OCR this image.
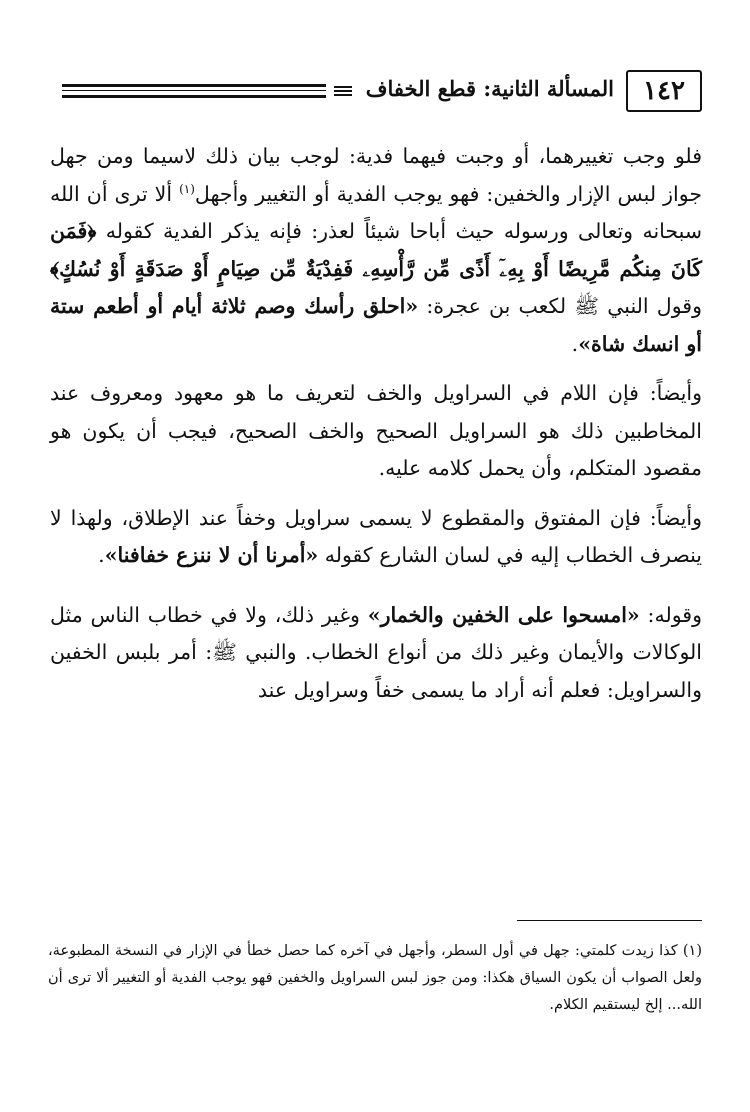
المسألة الثانية: قطع الخفاف	١٤٢

فلو وجب تغييرهما، أو وجبت فيهما فدية: لوجب بيان ذلك لاسيما ومن جهل جواز لبس الإزار والخفين: فهو يوجب الفدية أو التغيير وأجهل$^{(١)}$ ألا ترى أن الله سبحانه وتعالى ورسوله حيث أباحا شيئاً لعذر: فإنه يذكر الفدية كقوله ﴿فَمَن كَانَ مِنكُم مَّرِيضًا أَوْ بِهِۦٓ أَذًى مِّن رَّأْسِهِۦ فَفِدْيَةٌ مِّن صِيَامٍ أَوْ صَدَقَةٍ أَوْ نُسُكٍ﴾ وقول النبي ﷺ لكعب بن عجرة: «احلق رأسك وصم ثلاثة أيام أو أطعم ستة أو انسك شاة».

وأيضاً: فإن اللام في السراويل والخف لتعريف ما هو معهود ومعروف عند المخاطبين ذلك هو السراويل الصحيح والخف الصحيح، فيجب أن يكون هو مقصود المتكلم، وأن يحمل كلامه عليه.

وأيضاً: فإن المفتوق والمقطوع لا يسمى سراويل وخفاً عند الإطلاق، ولهذا لا ينصرف الخطاب إليه في لسان الشارع كقوله «أمرنا أن لا ننزع خفافنا».

وقوله: «امسحوا على الخفين والخمار» وغير ذلك، ولا في خطاب الناس مثل الوكالات والأيمان وغير ذلك من أنواع الخطاب. والنبي ﷺ: أمر بلبس الخفين والسراويل: فعلم أنه أراد ما يسمى خفاً وسراويل عند

(١) كذا زيدت كلمتي: جهل في أول السطر، وأجهل في آخره كما حصل خطأ في الإزار في النسخة المطبوعة، ولعل الصواب أن يكون السياق هكذا: ومن جوز لبس السراويل والخفين فهو يوجب الفدية أو التغيير ألا ترى أن الله... إلخ ليستقيم الكلام.
